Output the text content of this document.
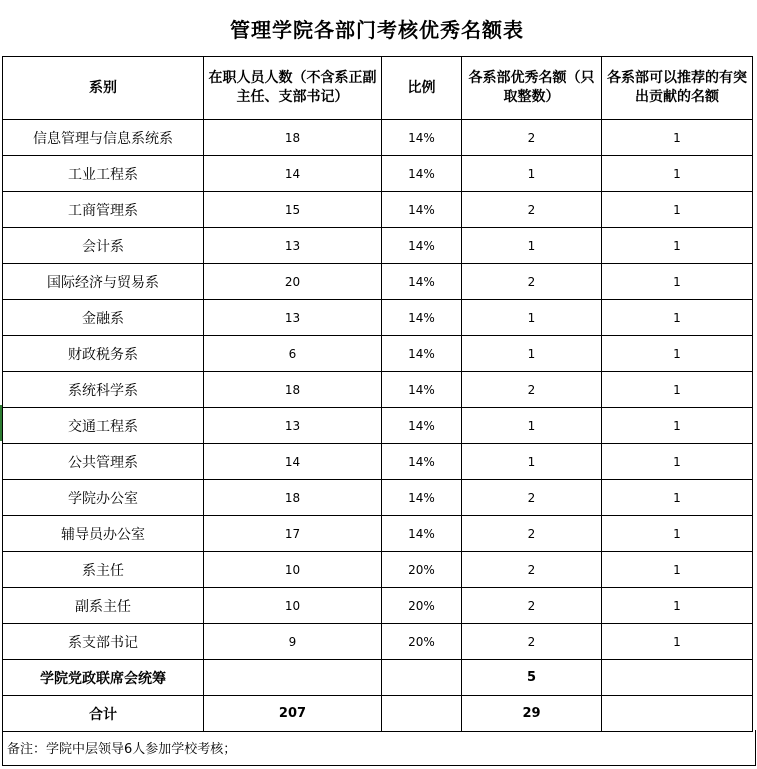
管理学院各部门考核优秀名额表
系别	在职人员人数（不含系正副主任、支部书记）	比例	各系部优秀名额（只取整数）	各系部可以推荐的有突出贡献的名额
信息管理与信息系统系	18	14%	2	1
工业工程系	14	14%	1	1
工商管理系	15	14%	2	1
会计系	13	14%	1	1
国际经济与贸易系	20	14%	2	1
金融系	13	14%	1	1
财政税务系	6	14%	1	1
系统科学系	18	14%	2	1
交通工程系	13	14%	1	1
公共管理系	14	14%	1	1
学院办公室	18	14%	2	1
辅导员办公室	17	14%	2	1
系主任	10	20%	2	1
副系主任	10	20%	2	1
系支部书记	9	20%	2	1
学院党政联席会统筹			5	
合计	207		29	
备注：学院中层领导6人参加学校考核；
